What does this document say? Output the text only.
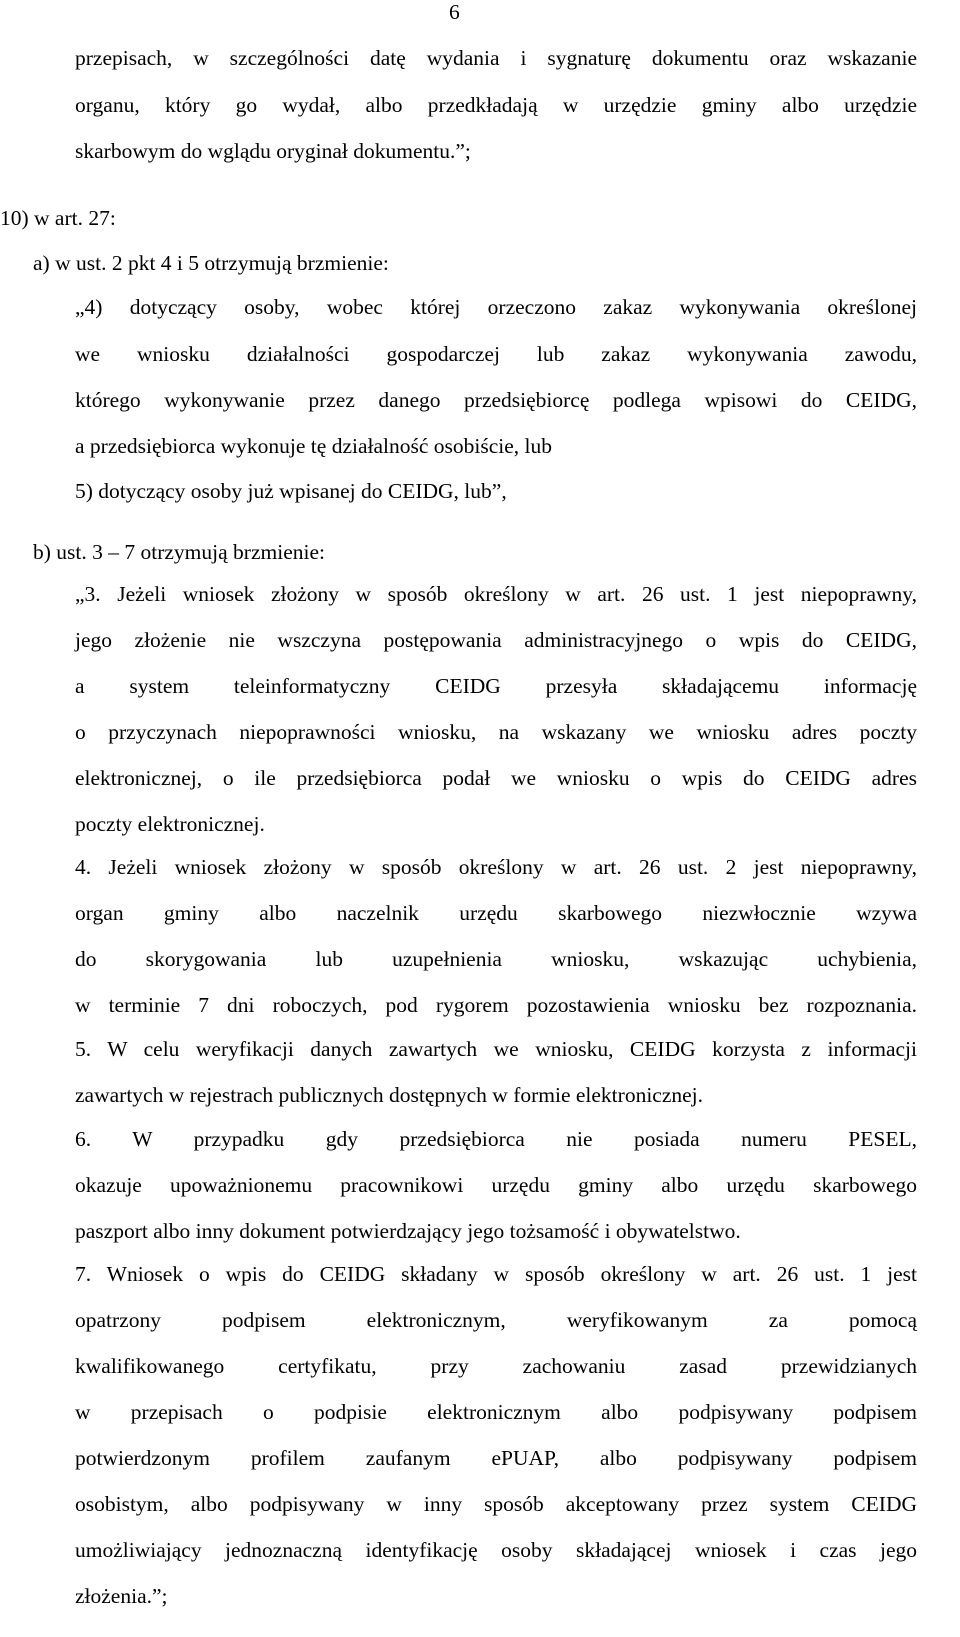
6
przepisach, w szczególności datę wydania i sygnaturę dokumentu oraz wskazanie
organu, który go wydał, albo przedkładają w urzędzie gminy albo urzędzie
skarbowym do wglądu oryginał dokumentu.”;
10) w art. 27:
a) w ust. 2 pkt 4 i 5 otrzymują brzmienie:
„4) dotyczący osoby, wobec której orzeczono zakaz wykonywania określonej
we wniosku działalności gospodarczej lub zakaz wykonywania zawodu,
którego wykonywanie przez danego przedsiębiorcę podlega wpisowi do CEIDG,
a przedsiębiorca wykonuje tę działalność osobiście, lub
5) dotyczący osoby już wpisanej do CEIDG, lub”,
b) ust. 3 – 7 otrzymują brzmienie:
„3. Jeżeli wniosek złożony w sposób określony w art. 26 ust. 1 jest niepoprawny,
jego złożenie nie wszczyna postępowania administracyjnego o wpis do CEIDG,
a system teleinformatyczny CEIDG przesyła składającemu informację
o przyczynach niepoprawności wniosku, na wskazany we wniosku adres poczty
elektronicznej, o ile przedsiębiorca podał we wniosku o wpis do CEIDG adres
poczty elektronicznej.
4. Jeżeli wniosek złożony w sposób określony w art. 26 ust. 2 jest niepoprawny,
organ gminy albo naczelnik urzędu skarbowego niezwłocznie wzywa
do skorygowania lub uzupełnienia wniosku, wskazując uchybienia,
w terminie 7 dni roboczych, pod rygorem pozostawienia wniosku bez rozpoznania.
5. W celu weryfikacji danych zawartych we wniosku, CEIDG korzysta z informacji
zawartych w rejestrach publicznych dostępnych w formie elektronicznej.
6. W przypadku gdy przedsiębiorca nie posiada numeru PESEL,
okazuje upoważnionemu pracownikowi urzędu gminy albo urzędu skarbowego
paszport albo inny dokument potwierdzający jego tożsamość i obywatelstwo.
7. Wniosek o wpis do CEIDG składany w sposób określony w art. 26 ust. 1 jest
opatrzony podpisem elektronicznym, weryfikowanym za pomocą
kwalifikowanego certyfikatu, przy zachowaniu zasad przewidzianych
w przepisach o podpisie elektronicznym albo podpisywany podpisem
potwierdzonym profilem zaufanym ePUAP, albo podpisywany podpisem
osobistym, albo podpisywany w inny sposób akceptowany przez system CEIDG
umożliwiający jednoznaczną identyfikację osoby składającej wniosek i czas jego
złożenia.”;
